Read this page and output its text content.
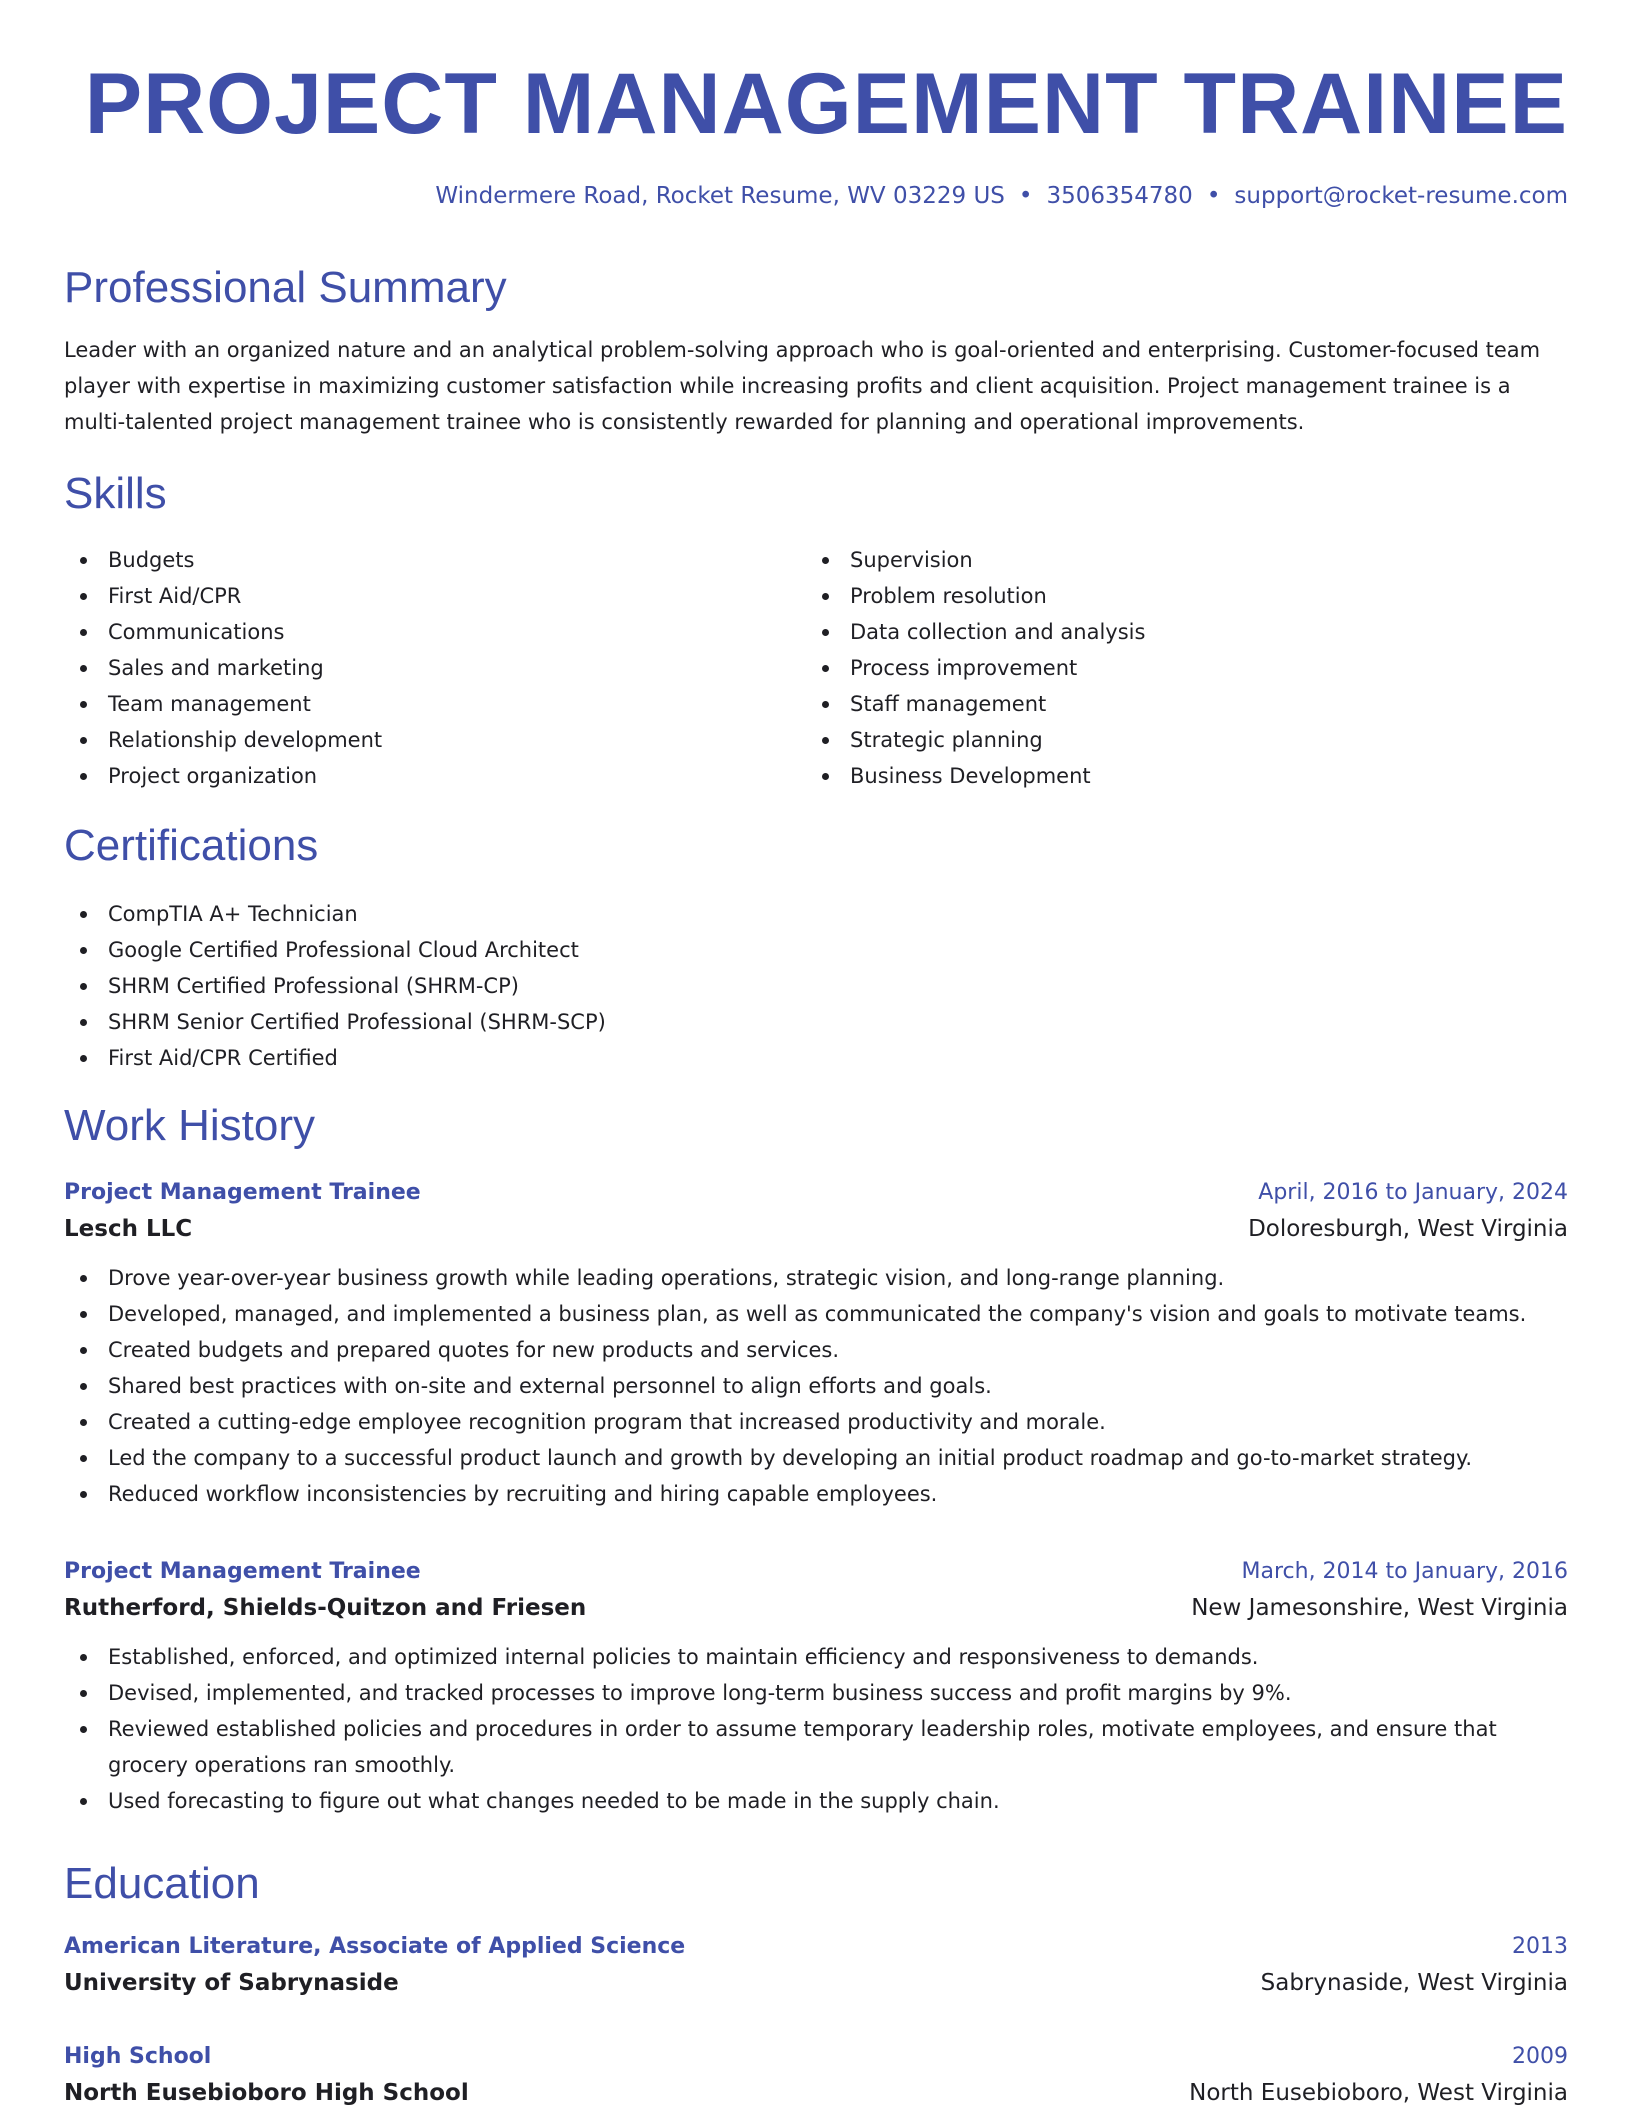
PROJECT MANAGEMENT TRAINEE
Windermere Road, Rocket Resume, WV 03229 US • 3506354780 • support@rocket-resume.com
Professional Summary

Leader with an organized nature and an analytical problem-solving approach who is goal-oriented and enterprising. Customer-focused team player with expertise in maximizing customer satisfaction while increasing profits and client acquisition. Project management trainee is a multi-talented project management trainee who is consistently rewarded for planning and operational improvements.

Skills
Budgets
First Aid/CPR
Communications
Sales and marketing
Team management
Relationship development
Project organization
Supervision
Problem resolution
Data collection and analysis
Process improvement
Staff management
Strategic planning
Business Development
Certifications
CompTIA A+ Technician
Google Certified Professional Cloud Architect
SHRM Certified Professional (SHRM-CP)
SHRM Senior Certified Professional (SHRM-SCP)
First Aid/CPR Certified
Work History
Project Management Trainee	April, 2016 to January, 2024
Lesch LLC	Doloresburgh, West Virginia
Drove year-over-year business growth while leading operations, strategic vision, and long-range planning.
Developed, managed, and implemented a business plan, as well as communicated the company's vision and goals to motivate teams.
Created budgets and prepared quotes for new products and services.
Shared best practices with on-site and external personnel to align efforts and goals.
Created a cutting-edge employee recognition program that increased productivity and morale.
Led the company to a successful product launch and growth by developing an initial product roadmap and go-to-market strategy.
Reduced workflow inconsistencies by recruiting and hiring capable employees.
Project Management Trainee	March, 2014 to January, 2016
Rutherford, Shields-Quitzon and Friesen	New Jamesonshire, West Virginia
Established, enforced, and optimized internal policies to maintain efficiency and responsiveness to demands.
Devised, implemented, and tracked processes to improve long-term business success and profit margins by 9%.
Reviewed established policies and procedures in order to assume temporary leadership roles, motivate employees, and ensure that grocery operations ran smoothly.
Used forecasting to figure out what changes needed to be made in the supply chain.
Education
American Literature, Associate of Applied Science	2013
University of Sabrynaside	Sabrynaside, West Virginia
High School	2009
North Eusebioboro High School	North Eusebioboro, West Virginia
